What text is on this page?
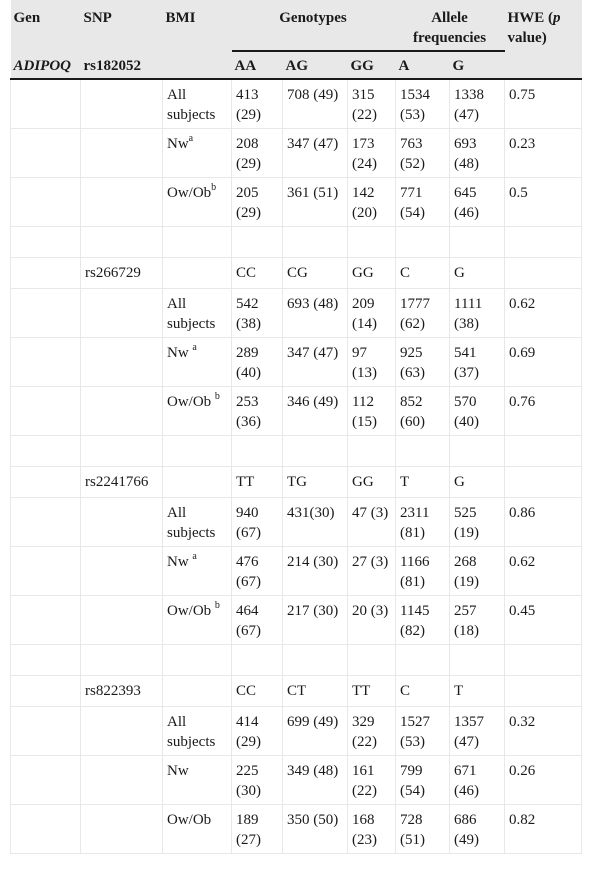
Gen	SNP	BMI	Genotypes			Allele frequencies		HWE (p value)
ADIPOQ	rs182052		AA	AG	GG	A	G	
		All subjects	413 (29)	708 (49)	315 (22)	1534 (53)	1338 (47)	0.75
		Nw$^a$	208 (29)	347 (47)	173 (24)	763 (52)	693 (48)	0.23
		Ow/Ob$^b$	205 (29)	361 (51)	142 (20)	771 (54)	645 (46)	0.5

	rs266729		CC	CG	GG	C	G	
		All subjects	542 (38)	693 (48)	209 (14)	1777 (62)	1111 (38)	0.62
		Nw $^a$	289 (40)	347 (47)	97 (13)	925 (63)	541 (37)	0.69
		Ow/Ob $^b$	253 (36)	346 (49)	112 (15)	852 (60)	570 (40)	0.76

	rs2241766		TT	TG	GG	T	G	
		All subjects	940 (67)	431(30)	47 (3)	2311 (81)	525 (19)	0.86
		Nw $^a$	476 (67)	214 (30)	27 (3)	1166 (81)	268 (19)	0.62
		Ow/Ob $^b$	464 (67)	217 (30)	20 (3)	1145 (82)	257 (18)	0.45

	rs822393		CC	CT	TT	C	T	
		All subjects	414 (29)	699 (49)	329 (22)	1527 (53)	1357 (47)	0.32
		Nw	225 (30)	349 (48)	161 (22)	799 (54)	671 (46)	0.26
		Ow/Ob	189 (27)	350 (50)	168 (23)	728 (51)	686 (49)	0.82
